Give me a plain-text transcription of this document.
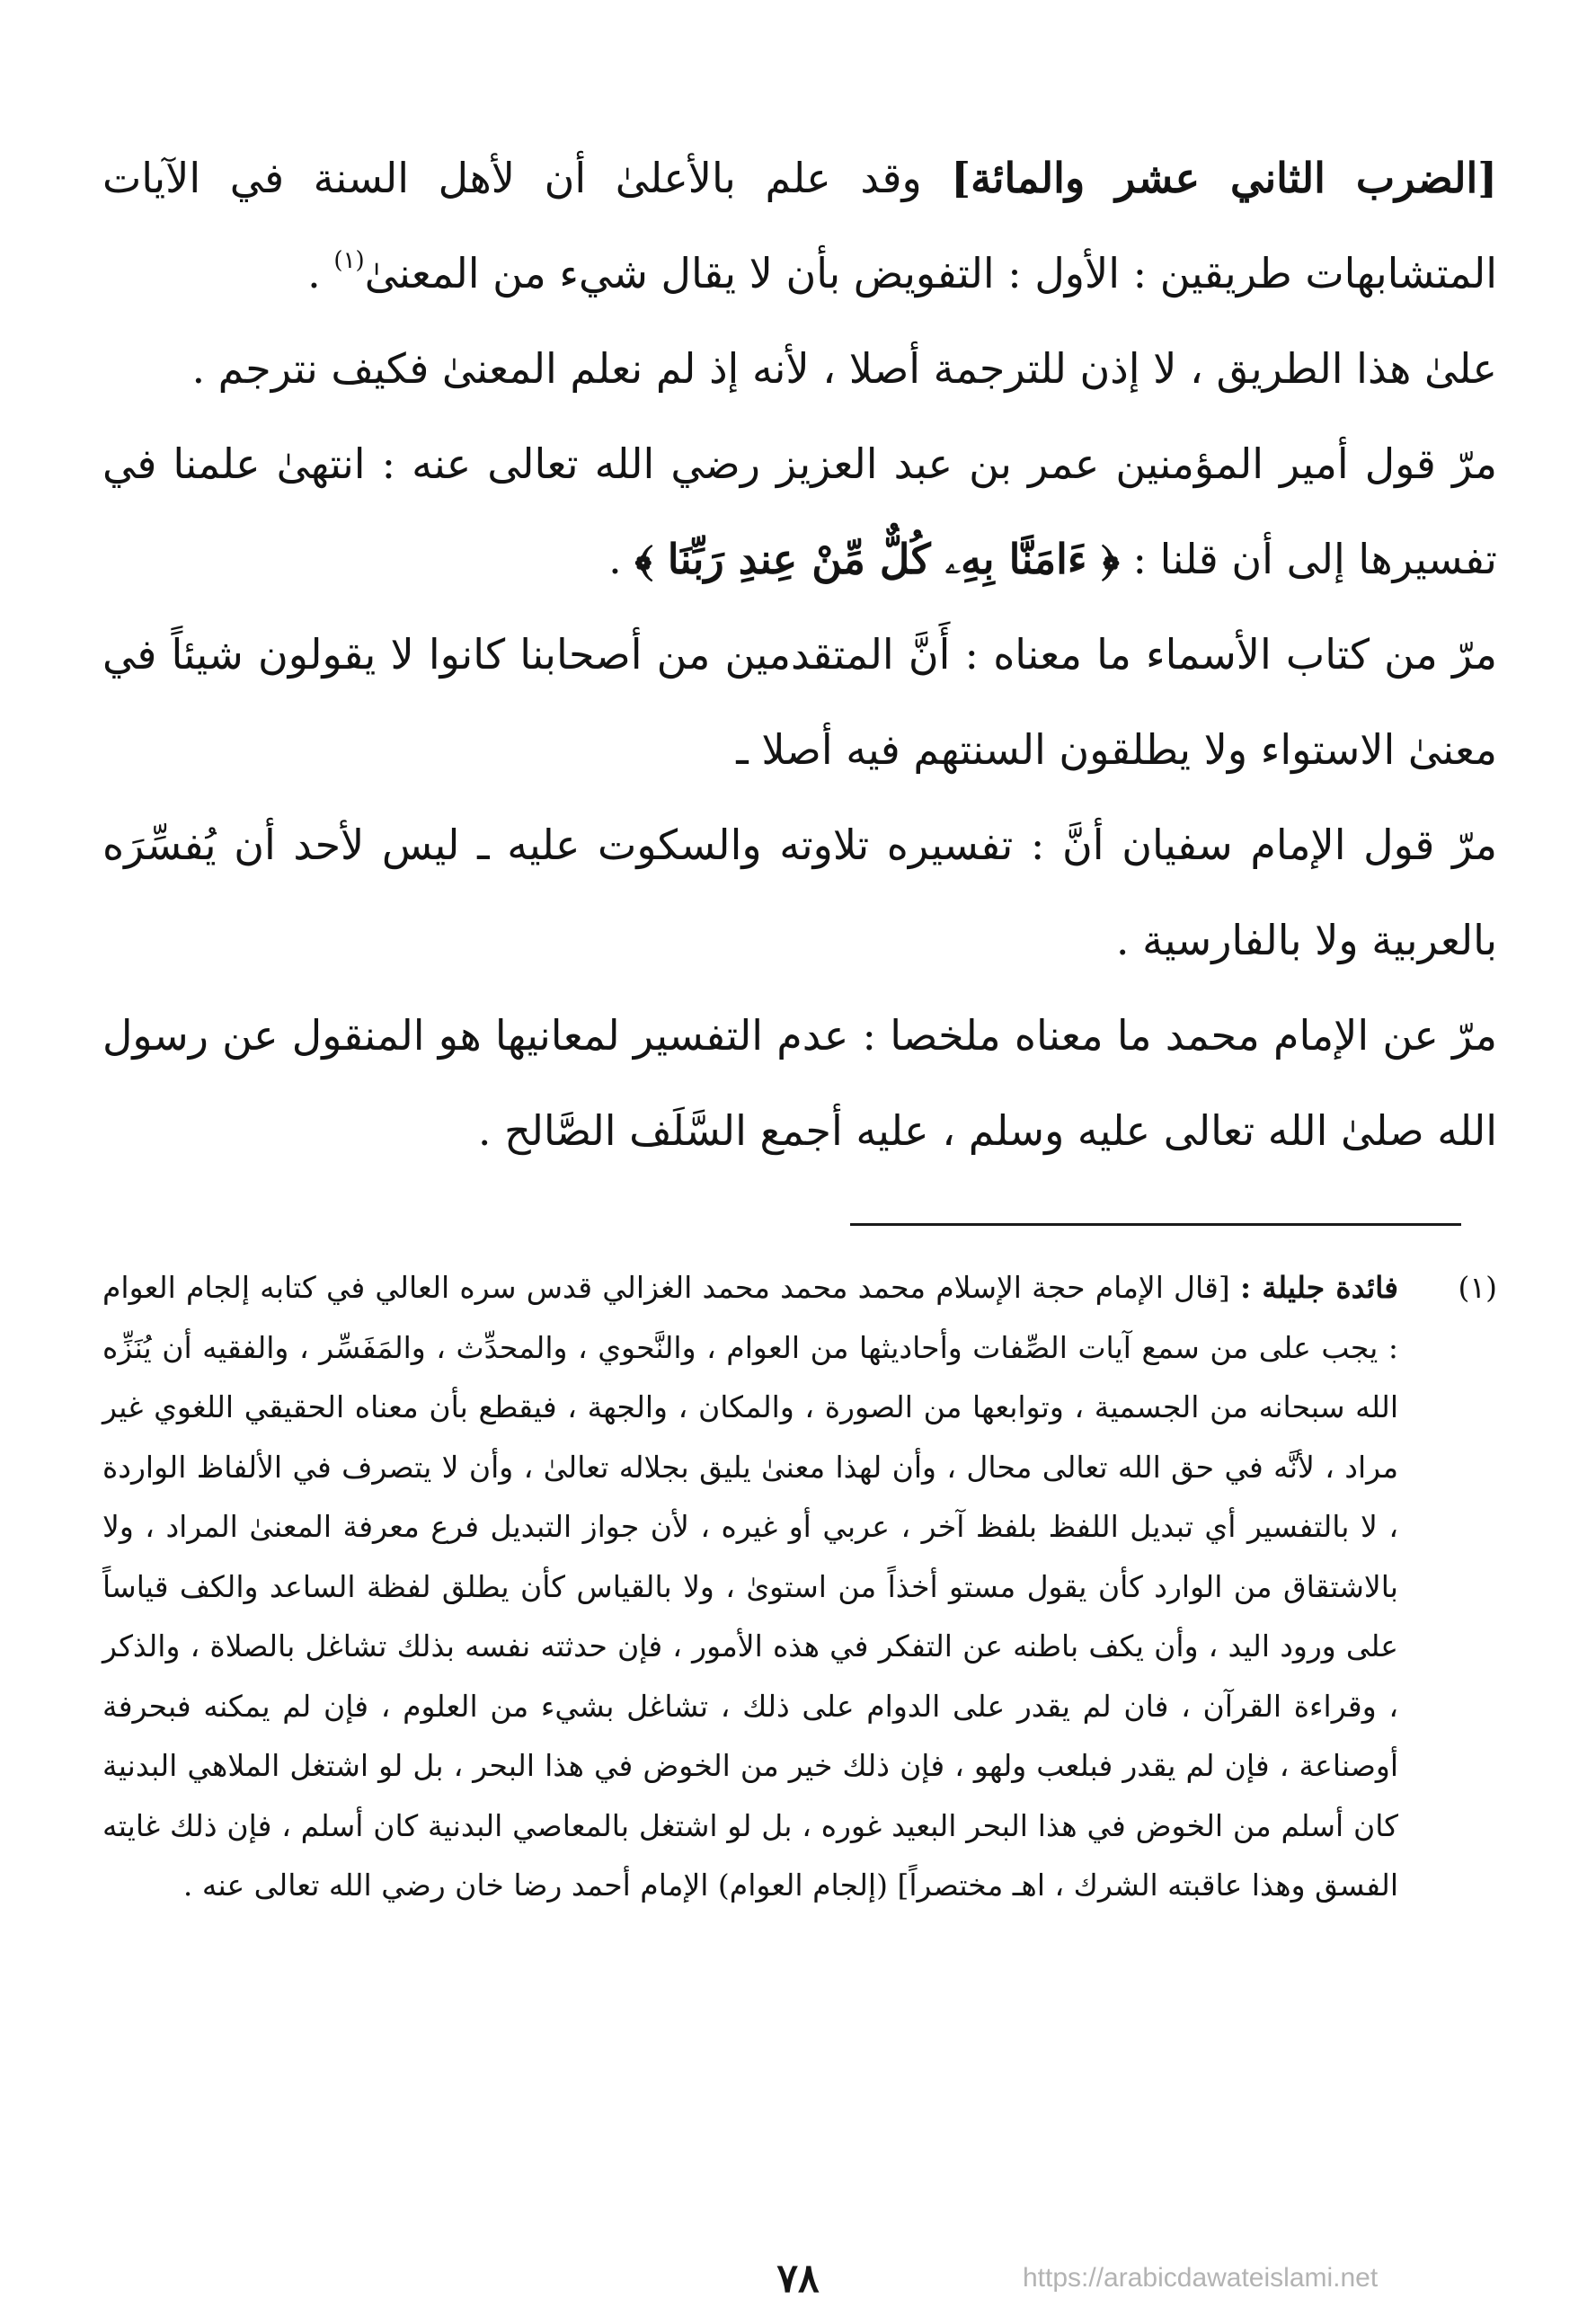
[الضرب الثاني عشر والمائة] وقد علم بالأعلىٰ أن لأهل السنة في الآيات المتشابهات طريقين : الأول : التفويض بأن لا يقال شيء من المعنىٰ$^{(١)}$ .

علىٰ هذا الطريق ، لا إذن للترجمة أصلا ، لأنه إذ لم نعلم المعنىٰ فكيف نترجم .

مرّ قول أمير المؤمنين عمر بن عبد العزيز رضي الله تعالى عنه : انتهىٰ علمنا في تفسيرها إلى أن قلنا : ﴿ ءَامَنَّا بِهِۦ كُلٌّ مِّنْ عِندِ رَبِّنَا ﴾ .

مرّ من كتاب الأسماء ما معناه : أَنَّ المتقدمين من أصحابنا كانوا لا يقولون شيئاً في معنىٰ الاستواء ولا يطلقون السنتهم فيه أصلا ـ

مرّ قول الإمام سفيان أنَّ : تفسيره تلاوته والسكوت عليه ـ ليس لأحد أن يُفسِّرَه بالعربية ولا بالفارسية .

مرّ عن الإمام محمد ما معناه ملخصا : عدم التفسير لمعانيها هو المنقول عن رسول الله صلىٰ الله تعالى عليه وسلم ، عليه أجمع السَّلَف الصَّالح .

(١)

فائدة جليلة : [قال الإمام حجة الإسلام محمد محمد محمد الغزالي قدس سره العالي في كتابه إلجام العوام : يجب على من سمع آيات الصِّفات وأحاديثها من العوام ، والنَّحوي ، والمحدِّث ، والمَفَسِّر ، والفقيه أن يُنَزِّه الله سبحانه من الجسمية ، وتوابعها من الصورة ، والمكان ، والجهة ، فيقطع بأن معناه الحقيقي اللغوي غير مراد ، لأنَّه في حق الله تعالى محال ، وأن لهذا معنىٰ يليق بجلاله تعالىٰ ، وأن لا يتصرف في الألفاظ الواردة ، لا بالتفسير أي تبديل اللفظ بلفظ آخر ، عربي أو غيره ، لأن جواز التبديل فرع معرفة المعنىٰ المراد ، ولا بالاشتقاق من الوارد كأن يقول مستو أخذاً من استوىٰ ، ولا بالقياس كأن يطلق لفظة الساعد والكف قياساً على ورود اليد ، وأن يكف باطنه عن التفكر في هذه الأمور ، فإن حدثته نفسه بذلك تشاغل بالصلاة ، والذكر ، وقراءة القرآن ، فان لم يقدر على الدوام على ذلك ، تشاغل بشيء من العلوم ، فإن لم يمكنه فبحرفة أوصناعة ، فإن لم يقدر فبلعب ولهو ، فإن ذلك خير من الخوض في هذا البحر ، بل لو اشتغل الملاهي البدنية كان أسلم من الخوض في هذا البحر البعيد غوره ، بل لو اشتغل بالمعاصي البدنية كان أسلم ، فإن ذلك غايته الفسق وهذا عاقبته الشرك ، اهـ مختصراً] (إلجام العوام) الإمام أحمد رضا خان رضي الله تعالى عنه .

٧٨	https://arabicdawateislami.net
